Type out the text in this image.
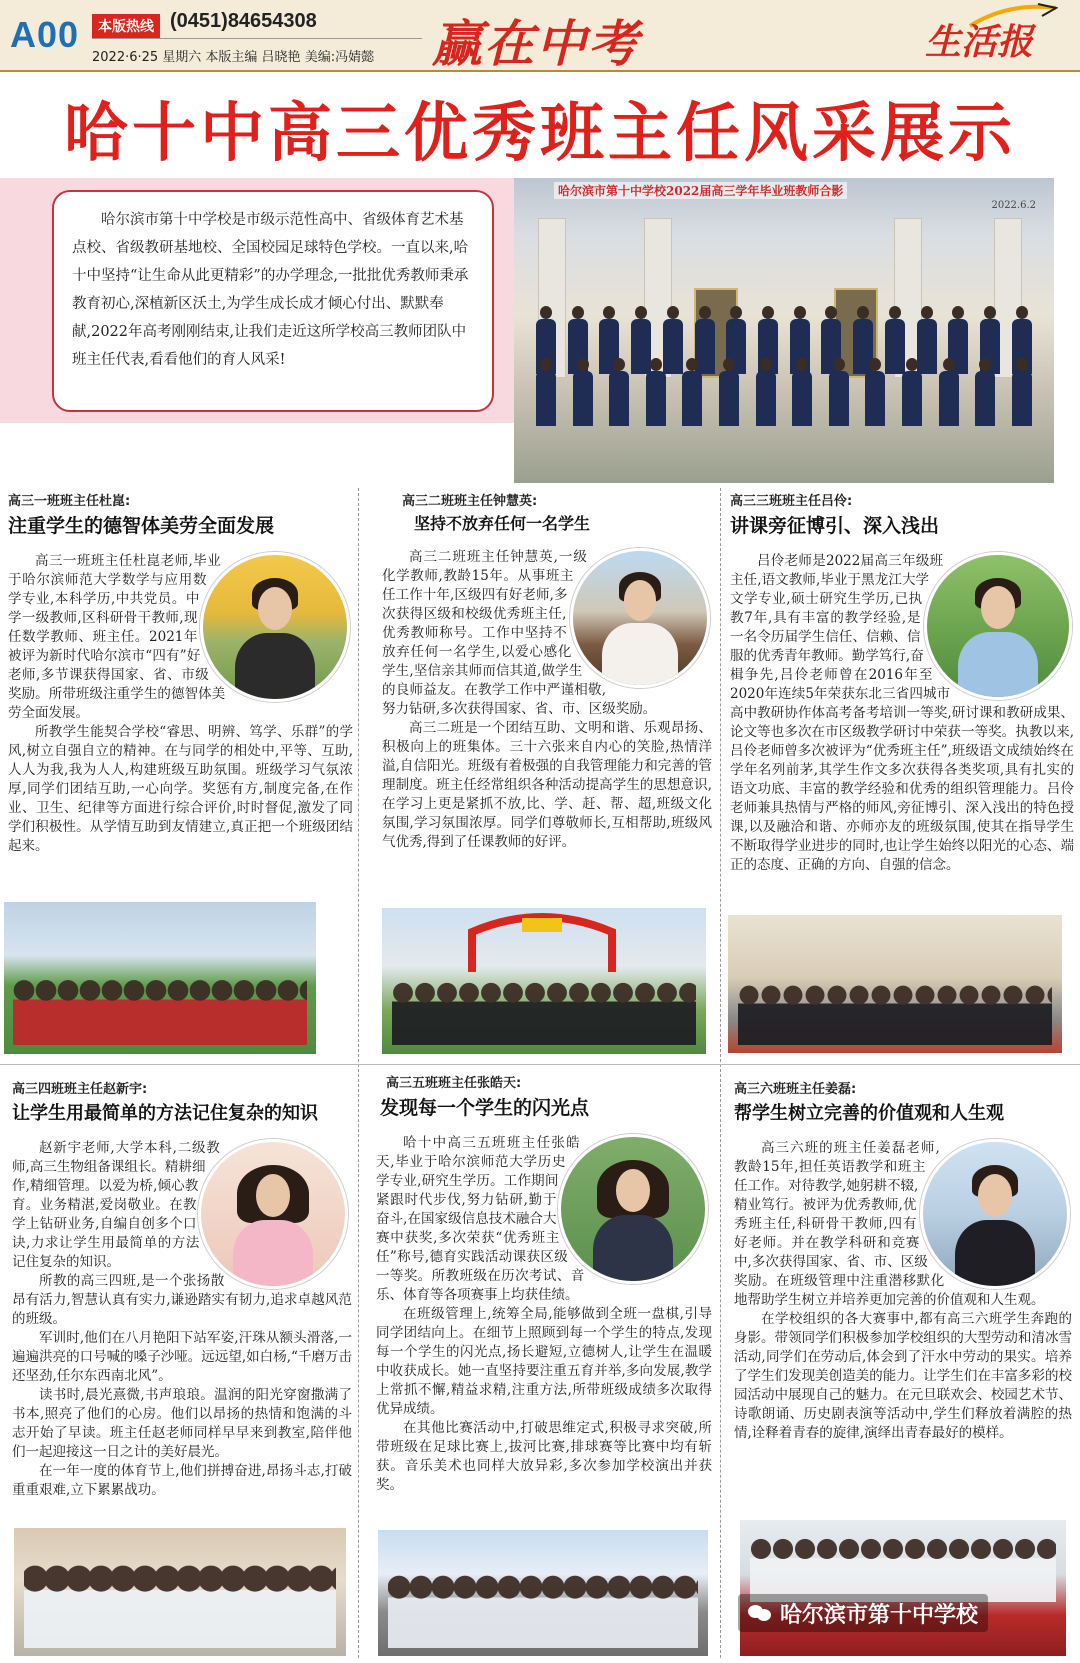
A00	本版热线 (0451)84654308
2022·6·25 星期六 本版主编 吕晓艳 美编:冯婧懿 赢在中考	生活报
哈十中高三优秀班主任风采展示
哈尔滨市第十中学校是市级示范性高中、省级体育艺术基点校、省级教研基地校、全国校园足球特色学校。一直以来,哈十中坚持“让生命从此更精彩”的办学理念,一批批优秀教师秉承教育初心,深植新区沃土,为学生成长成才倾心付出、默默奉献,2022年高考刚刚结束,让我们走近这所学校高三教师团队中班主任代表,看看他们的育人风采!
哈尔滨市第十中学校2022届高三学年毕业班教师合影
2022.6.2
高三一班班主任杜崑:
注重学生的德智体美劳全面发展

高三一班班主任杜崑老师,毕业于哈尔滨师范大学数学与应用数学专业,本科学历,中共党员。中学一级教师,区科研骨干教师,现任数学教师、班主任。2021年被评为新时代哈尔滨市“四有”好老师,多节课获得国家、省、市级奖励。所带班级注重学生的德智体美劳全面发展。

所教学生能契合学校“睿思、明辨、笃学、乐群”的学风,树立自强自立的精神。在与同学的相处中,平等、互助,人人为我,我为人人,构建班级互助氛围。班级学习气氛浓厚,同学们团结互助,一心向学。奖惩有方,制度完备,在作业、卫生、纪律等方面进行综合评价,时时督促,激发了同学们积极性。从学情互助到友情建立,真正把一个班级团结起来。

高三二班班主任钟慧英:
坚持不放弃任何一名学生

高三二班班主任钟慧英,一级化学教师,教龄15年。从事班主任工作十年,区级四有好老师,多次获得区级和校级优秀班主任,优秀教师称号。工作中坚持不放弃任何一名学生,以爱心感化学生,坚信亲其师而信其道,做学生的良师益友。在教学工作中严谨相敬,努力钻研,多次获得国家、省、市、区级奖励。

高三二班是一个团结互助、文明和谐、乐观昂扬、积极向上的班集体。三十六张来自内心的笑脸,热情洋溢,自信阳光。班级有着极强的自我管理能力和完善的管理制度。班主任经常组织各种活动提高学生的思想意识,在学习上更是紧抓不放,比、学、赶、帮、超,班级文化氛围,学习氛围浓厚。同学们尊敬师长,互相帮助,班级风气优秀,得到了任课教师的好评。

高三三班班主任吕伶:
讲课旁征博引、深入浅出

吕伶老师是2022届高三年级班主任,语文教师,毕业于黑龙江大学文学专业,硕士研究生学历,已执教7年,具有丰富的教学经验,是一名令历届学生信任、信赖、信服的优秀青年教师。勤学笃行,奋楫争先,吕伶老师曾在2016年至2020年连续5年荣获东北三省四城市高中教研协作体高考备考培训一等奖,研讨课和教研成果、论文等也多次在市区级教学研讨中荣获一等奖。执教以来,吕伶老师曾多次被评为“优秀班主任”,班级语文成绩始终在学年名列前茅,其学生作文多次获得各类奖项,具有扎实的语文功底、丰富的教学经验和优秀的组织管理能力。吕伶老师兼具热情与严格的师风,旁征博引、深入浅出的特色授课,以及融洽和谐、亦师亦友的班级氛围,使其在指导学生不断取得学业进步的同时,也让学生始终以阳光的心态、端正的态度、正确的方向、自强的信念。

高三四班班主任赵新宇:
让学生用最简单的方法记住复杂的知识

赵新宇老师,大学本科,二级教师,高三生物组备课组长。精耕细作,精细管理。以爱为桥,倾心教育。业务精湛,爱岗敬业。在教学上钻研业务,自编自创多个口诀,力求让学生用最简单的方法记住复杂的知识。

所教的高三四班,是一个张扬散昂有活力,智慧认真有实力,谦逊踏实有韧力,追求卓越风范的班级。

军训时,他们在八月艳阳下站军姿,汗珠从额头滑落,一遍遍洪亮的口号喊的嗓子沙哑。远远望,如白杨,“千磨万击还坚劲,任尔东西南北风”。

读书时,晨光熹微,书声琅琅。温润的阳光穿窗撒满了书本,照亮了他们的心房。他们以昂扬的热情和饱满的斗志开始了早读。班主任赵老师同样早早来到教室,陪伴他们一起迎接这一日之计的美好晨光。

在一年一度的体育节上,他们拼搏奋进,昂扬斗志,打破重重艰难,立下累累战功。

高三五班班主任张皓天:
发现每一个学生的闪光点

哈十中高三五班班主任张皓天,毕业于哈尔滨师范大学历史学专业,研究生学历。工作期间紧跟时代步伐,努力钻研,勤于奋斗,在国家级信息技术融合大赛中获奖,多次荣获“优秀班主任”称号,德育实践活动课获区级一等奖。所教班级在历次考试、音乐、体育等各项赛事上均获佳绩。

在班级管理上,统筹全局,能够做到全班一盘棋,引导同学团结向上。在细节上照顾到每一个学生的特点,发现每一个学生的闪光点,扬长避短,立德树人,让学生在温暖中收获成长。她一直坚持要注重五育并举,多向发展,教学上常抓不懈,精益求精,注重方法,所带班级成绩多次取得优异成绩。

在其他比赛活动中,打破思维定式,积极寻求突破,所带班级在足球比赛上,拔河比赛,排球赛等比赛中均有斩获。音乐美术也同样大放异彩,多次参加学校演出并获奖。

高三六班班主任姜磊:
帮学生树立完善的价值观和人生观

高三六班的班主任姜磊老师,教龄15年,担任英语教学和班主任工作。对待教学,她躬耕不辍,精业笃行。被评为优秀教师,优秀班主任,科研骨干教师,四有好老师。并在教学科研和竞赛中,多次获得国家、省、市、区级奖励。在班级管理中注重潜移默化地帮助学生树立并培养更加完善的价值观和人生观。

在学校组织的各大赛事中,都有高三六班学生奔跑的身影。带领同学们积极参加学校组织的大型劳动和清冰雪活动,同学们在劳动后,体会到了汗水中劳动的果实。培养了学生们发现美创造美的能力。让学生们在丰富多彩的校园活动中展现自己的魅力。在元旦联欢会、校园艺术节、诗歌朗诵、历史剧表演等活动中,学生们释放着满腔的热情,诠释着青春的旋律,演绎出青春最好的模样。

哈尔滨市第十中学校
